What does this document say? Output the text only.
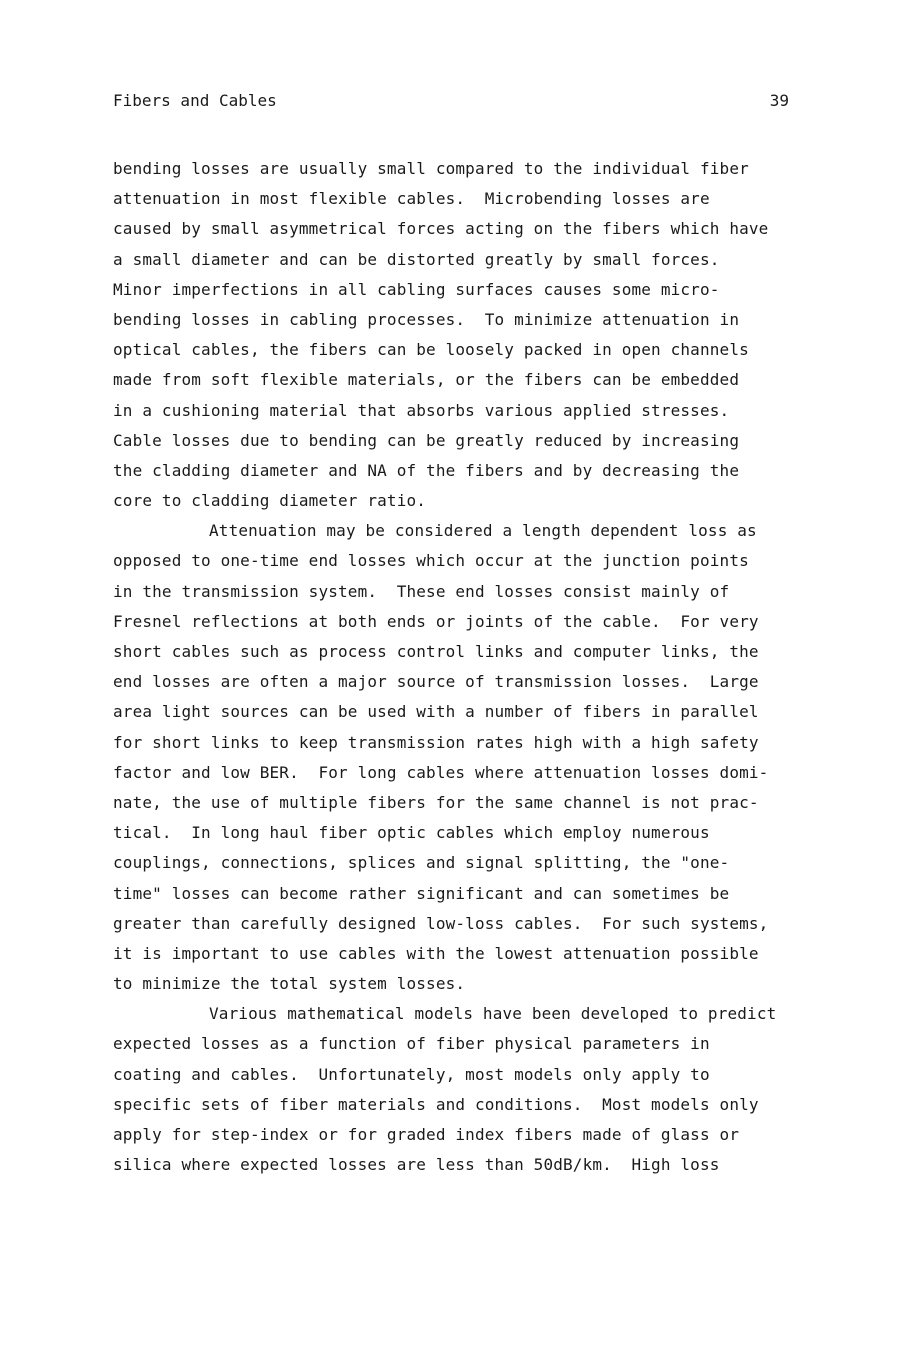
Fibers and Cables	39
bending losses are usually small compared to the individual fiber
attenuation in most flexible cables.  Microbending losses are
caused by small asymmetrical forces acting on the fibers which have
a small diameter and can be distorted greatly by small forces.
Minor imperfections in all cabling surfaces causes some micro-
bending losses in cabling processes.  To minimize attenuation in
optical cables, the fibers can be loosely packed in open channels
made from soft flexible materials, or the fibers can be embedded
in a cushioning material that absorbs various applied stresses.
Cable losses due to bending can be greatly reduced by increasing
the cladding diameter and NA of the fibers and by decreasing the
core to cladding diameter ratio.
Attenuation may be considered a length dependent loss as
opposed to one-time end losses which occur at the junction points
in the transmission system.  These end losses consist mainly of
Fresnel reflections at both ends or joints of the cable.  For very
short cables such as process control links and computer links, the
end losses are often a major source of transmission losses.  Large
area light sources can be used with a number of fibers in parallel
for short links to keep transmission rates high with a high safety
factor and low BER.  For long cables where attenuation losses domi-
nate, the use of multiple fibers for the same channel is not prac-
tical.  In long haul fiber optic cables which employ numerous
couplings, connections, splices and signal splitting, the "one-
time" losses can become rather significant and can sometimes be
greater than carefully designed low-loss cables.  For such systems,
it is important to use cables with the lowest attenuation possible
to minimize the total system losses.
Various mathematical models have been developed to predict
expected losses as a function of fiber physical parameters in
coating and cables.  Unfortunately, most models only apply to
specific sets of fiber materials and conditions.  Most models only
apply for step-index or for graded index fibers made of glass or
silica where expected losses are less than 50dB/km.  High loss
